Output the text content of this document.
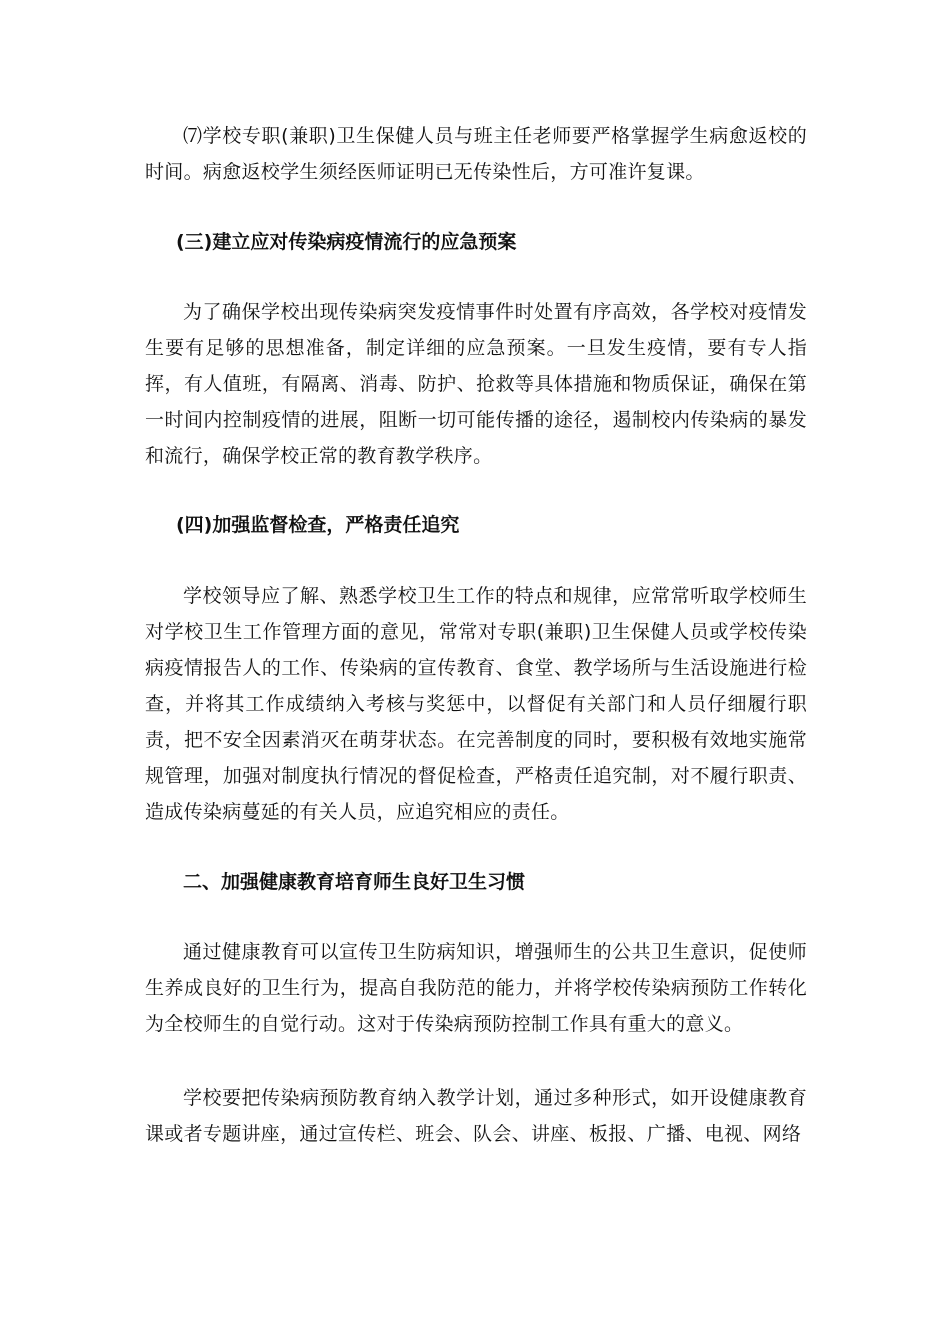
⑺学校专职(兼职)卫生保健人员与班主任老师要严格掌握学生病愈返校的时间。病愈返校学生须经医师证明已无传染性后，方可准许复课。

(三)建立应对传染病疫情流行的应急预案

为了确保学校出现传染病突发疫情事件时处置有序高效，各学校对疫情发生要有足够的思想准备，制定详细的应急预案。一旦发生疫情，要有专人指挥，有人值班，有隔离、消毒、防护、抢救等具体措施和物质保证，确保在第一时间内控制疫情的进展，阻断一切可能传播的途径，遏制校内传染病的暴发和流行，确保学校正常的教育教学秩序。

(四)加强监督检查，严格责任追究

学校领导应了解、熟悉学校卫生工作的特点和规律，应常常听取学校师生对学校卫生工作管理方面的意见，常常对专职(兼职)卫生保健人员或学校传染病疫情报告人的工作、传染病的宣传教育、食堂、教学场所与生活设施进行检查，并将其工作成绩纳入考核与奖惩中，以督促有关部门和人员仔细履行职责，把不安全因素消灭在萌芽状态。在完善制度的同时，要积极有效地实施常规管理，加强对制度执行情况的督促检查，严格责任追究制，对不履行职责、造成传染病蔓延的有关人员，应追究相应的责任。

二、加强健康教育培育师生良好卫生习惯

通过健康教育可以宣传卫生防病知识，增强师生的公共卫生意识，促使师生养成良好的卫生行为，提高自我防范的能力，并将学校传染病预防工作转化为全校师生的自觉行动。这对于传染病预防控制工作具有重大的意义。

学校要把传染病预防教育纳入教学计划，通过多种形式，如开设健康教育课或者专题讲座，通过宣传栏、班会、队会、讲座、板报、广播、电视、网络
